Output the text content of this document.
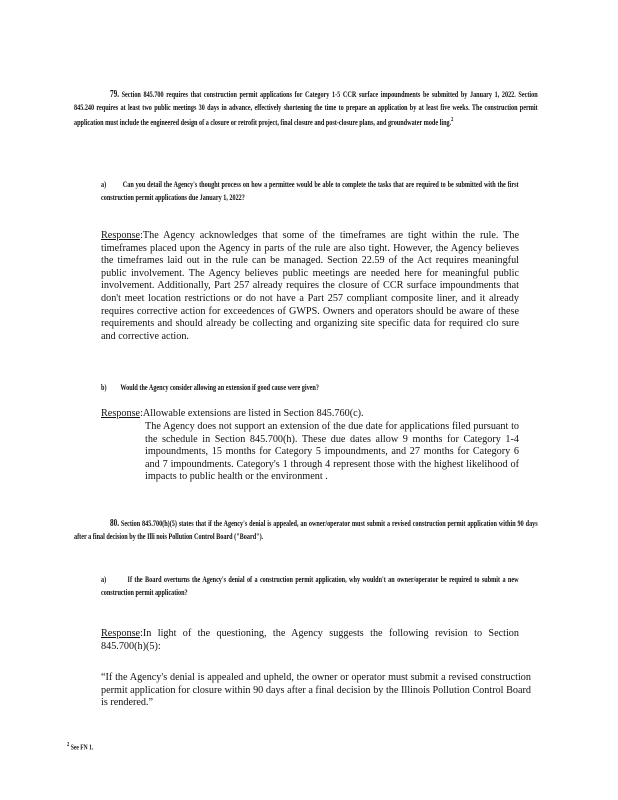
79. Section 845.700 requires that construction permit applications for Category 1-5 CCR surface impoundments be submitted by January 1, 2022. Section 845.240 requires at least two public meetings 30 days in advance, effectively shortening the time to prepare an application by at least five weeks. The construction permit application must include the engineered design of a closure or retrofit project, final closure and post-closure plans, and groundwater mode ling.$^2$
a) Can you detail the Agency's thought process on how a permittee would be able to complete the tasks that are required to be submitted with the first construction permit applications due January 1, 2022?
Response:The Agency acknowledges that some of the timeframes are tight within the rule. The timeframes placed upon the Agency in parts of the rule are also tight. However, the Agency believes the timeframes laid out in the rule can be managed. Section 22.59 of the Act requires meaningful public involvement. The Agency believes public meetings are needed here for meaningful public involvement. Additionally, Part 257 already requires the closure of CCR surface impoundments that don't meet location restrictions or do not have a Part 257 compliant composite liner, and it already requires corrective action for exceedences of GWPS. Owners and operators should be aware of these requirements and should already be collecting and organizing site specific data for required clo sure and corrective action.
b) Would the Agency consider allowing an extension if good cause were given?
Response:Allowable extensions are listed in Section 845.760(c).
The Agency does not support an extension of the due date for applications filed pursuant to the schedule in Section 845.700(h). These due dates allow 9 months for Category 1-4 impoundments, 15 months for Category 5 impoundments, and 27 months for Category 6 and 7 impoundments. Category's 1 through 4 represent those with the highest likelihood of impacts to public health or the environment .
80. Section 845.700(h)(5) states that if the Agency's denial is appealed, an owner/operator must submit a revised construction permit application within 90 days after a final decision by the Illi nois Pollution Control Board ("Board").
a) If the Board overturns the Agency's denial of a construction permit application, why wouldn't an owner/operator be required to submit a new construction permit application?
Response:In light of the questioning, the Agency suggests the following revision to Section 845.700(h)(5):
“If the Agency's denial is appealed and upheld, the owner or operator must submit a revised construction permit application for closure within 90 days after a final decision by the Illinois Pollution Control Board is rendered.”
$^2$ See FN 1.
